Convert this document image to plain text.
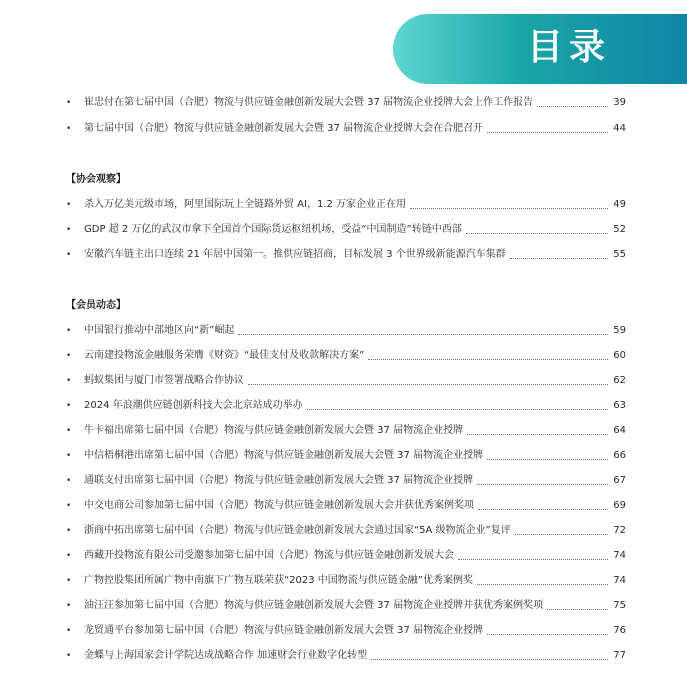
目录
•	崔忠付在第七届中国（合肥）物流与供应链金融创新发展大会暨 37 届物流企业授牌大会上作工作报告	39
•	第七届中国（合肥）物流与供应链金融创新发展大会暨 37 届物流企业授牌大会在合肥召开	44
【协会观察】
•	杀入万亿美元级市场，阿里国际玩上全链路外贸 AI，1.2 万家企业正在用	49
•	GDP 超 2 万亿的武汉市拿下全国首个国际货运枢纽机场，受益“中国制造”转链中西部	52
•	安徽汽车链主出口连续 21 年居中国第一。推供应链招商，目标发展 3 个世界级新能源汽车集群	55
【会员动态】
•	中国银行推动中部地区向“新”崛起	59
•	云南建投物流金融服务荣膺《财资》“最佳支付及收款解决方案”	60
•	蚂蚁集团与厦门市签署战略合作协议	62
•	2024 年浪潮供应链创新科技大会北京站成功举办	63
•	牛卡福出席第七届中国（合肥）物流与供应链金融创新发展大会暨 37 届物流企业授牌	64
•	中信梧桐港出席第七届中国（合肥）物流与供应链金融创新发展大会暨 37 届物流企业授牌	66
•	通联支付出席第七届中国（合肥）物流与供应链金融创新发展大会暨 37 届物流企业授牌	67
•	中交电商公司参加第七届中国（合肥）物流与供应链金融创新发展大会并获优秀案例奖项	69
•	浙商中拓出席第七届中国（合肥）物流与供应链金融创新发展大会通过国家“5A 级物流企业”复评	72
•	西藏开投物流有限公司受邀参加第七届中国（合肥）物流与供应链金融创新发展大会	74
•	广物控股集团所属广物中南旗下广物互联荣获“2023 中国物流与供应链金融”优秀案例奖	74
•	油汪汪参加第七届中国（合肥）物流与供应链金融创新发展大会暨 37 届物流企业授牌并获优秀案例奖项	75
•	龙贸通平台参加第七届中国（合肥）物流与供应链金融创新发展大会暨 37 届物流企业授牌	76
•	金蝶与上海国家会计学院达成战略合作 加速财会行业数字化转型	77
